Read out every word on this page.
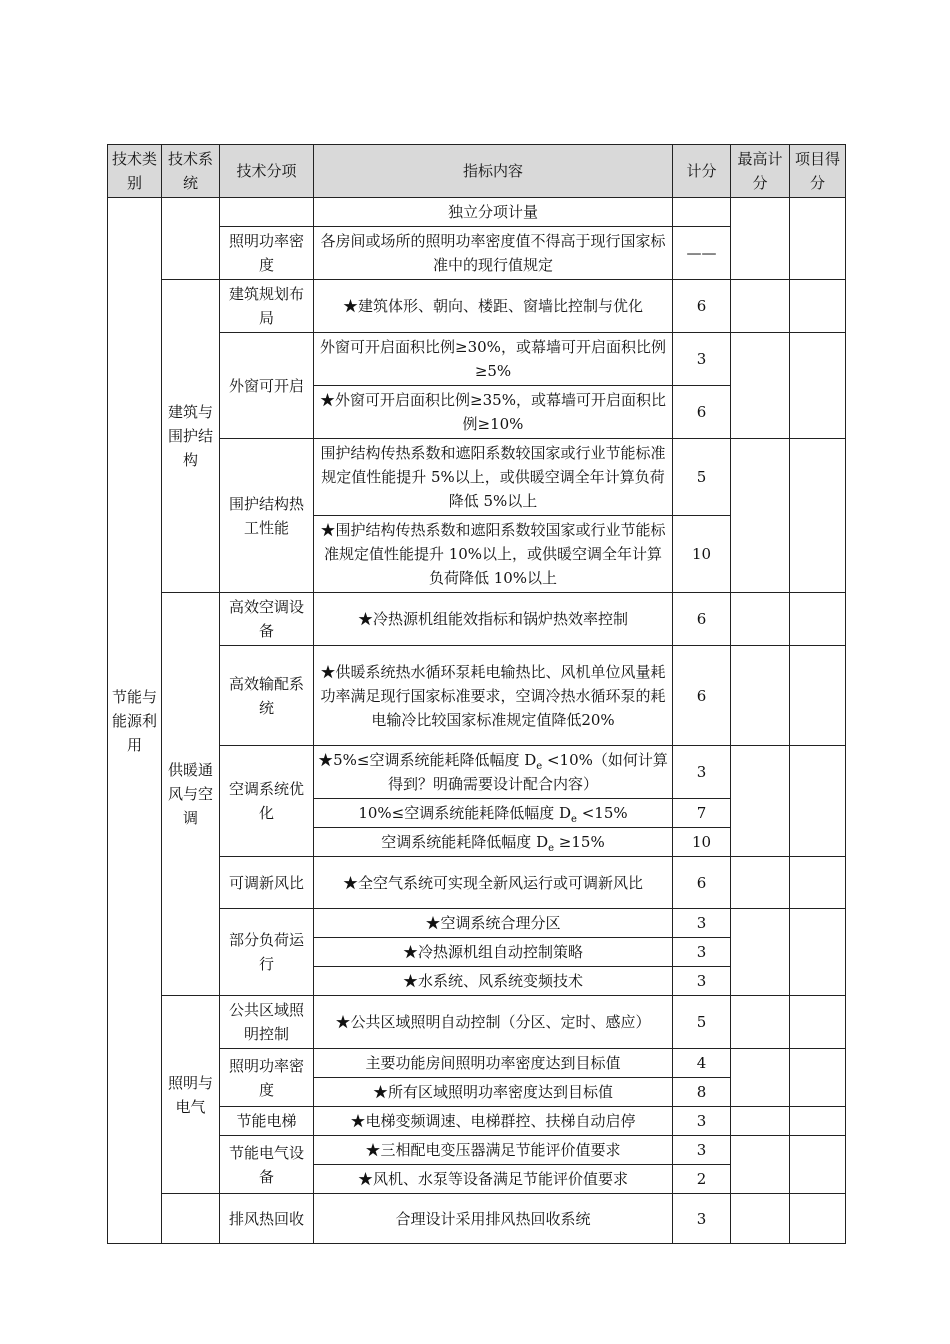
技术类别	技术系统	技术分项	指标内容	计分	最高计分	项目得分
节能与能源利用			独立分项计量			
		照明功率密度	各房间或场所的照明功率密度值不得高于现行国家标准中的现行值规定	——		
	建筑与围护结构	建筑规划布局	★建筑体形、朝向、楼距、窗墙比控制与优化	6		
		外窗可开启	外窗可开启面积比例≥30%，或幕墙可开启面积比例≥5%	3		
			★外窗可开启面积比例≥35%，或幕墙可开启面积比例≥10%	6		
		围护结构热工性能	围护结构传热系数和遮阳系数较国家或行业节能标准规定值性能提升 5%以上，或供暖空调全年计算负荷降低 5%以上	5		
			★围护结构传热系数和遮阳系数较国家或行业节能标准规定值性能提升 10%以上，或供暖空调全年计算负荷降低 10%以上	10		
	供暖通风与空调	高效空调设备	★冷热源机组能效指标和锅炉热效率控制	6		
		高效输配系统	★供暖系统热水循环泵耗电输热比、风机单位风量耗功率满足现行国家标准要求，空调冷热水循环泵的耗电输冷比较国家标准规定值降低20%	6		
		空调系统优化	★5%≤空调系统能耗降低幅度 $D_e <10\%$（如何计算得到？明确需要设计配合内容）	3		
			10%≤空调系统能耗降低幅度 $D_e <15\%$	7		
			空调系统能耗降低幅度 $D_e \ge 15\%$	10		
		可调新风比	★全空气系统可实现全新风运行或可调新风比	6		
		部分负荷运行	★空调系统合理分区	3		
			★冷热源机组自动控制策略	3		
			★水系统、风系统变频技术	3		
	照明与电气	公共区域照明控制	★公共区域照明自动控制（分区、定时、感应）	5		
		照明功率密度	主要功能房间照明功率密度达到目标值	4		
			★所有区域照明功率密度达到目标值	8		
		节能电梯	★电梯变频调速、电梯群控、扶梯自动启停	3		
		节能电气设备	★三相配电变压器满足节能评价值要求	3		
			★风机、水泵等设备满足节能评价值要求	2		
		排风热回收	合理设计采用排风热回收系统	3		
